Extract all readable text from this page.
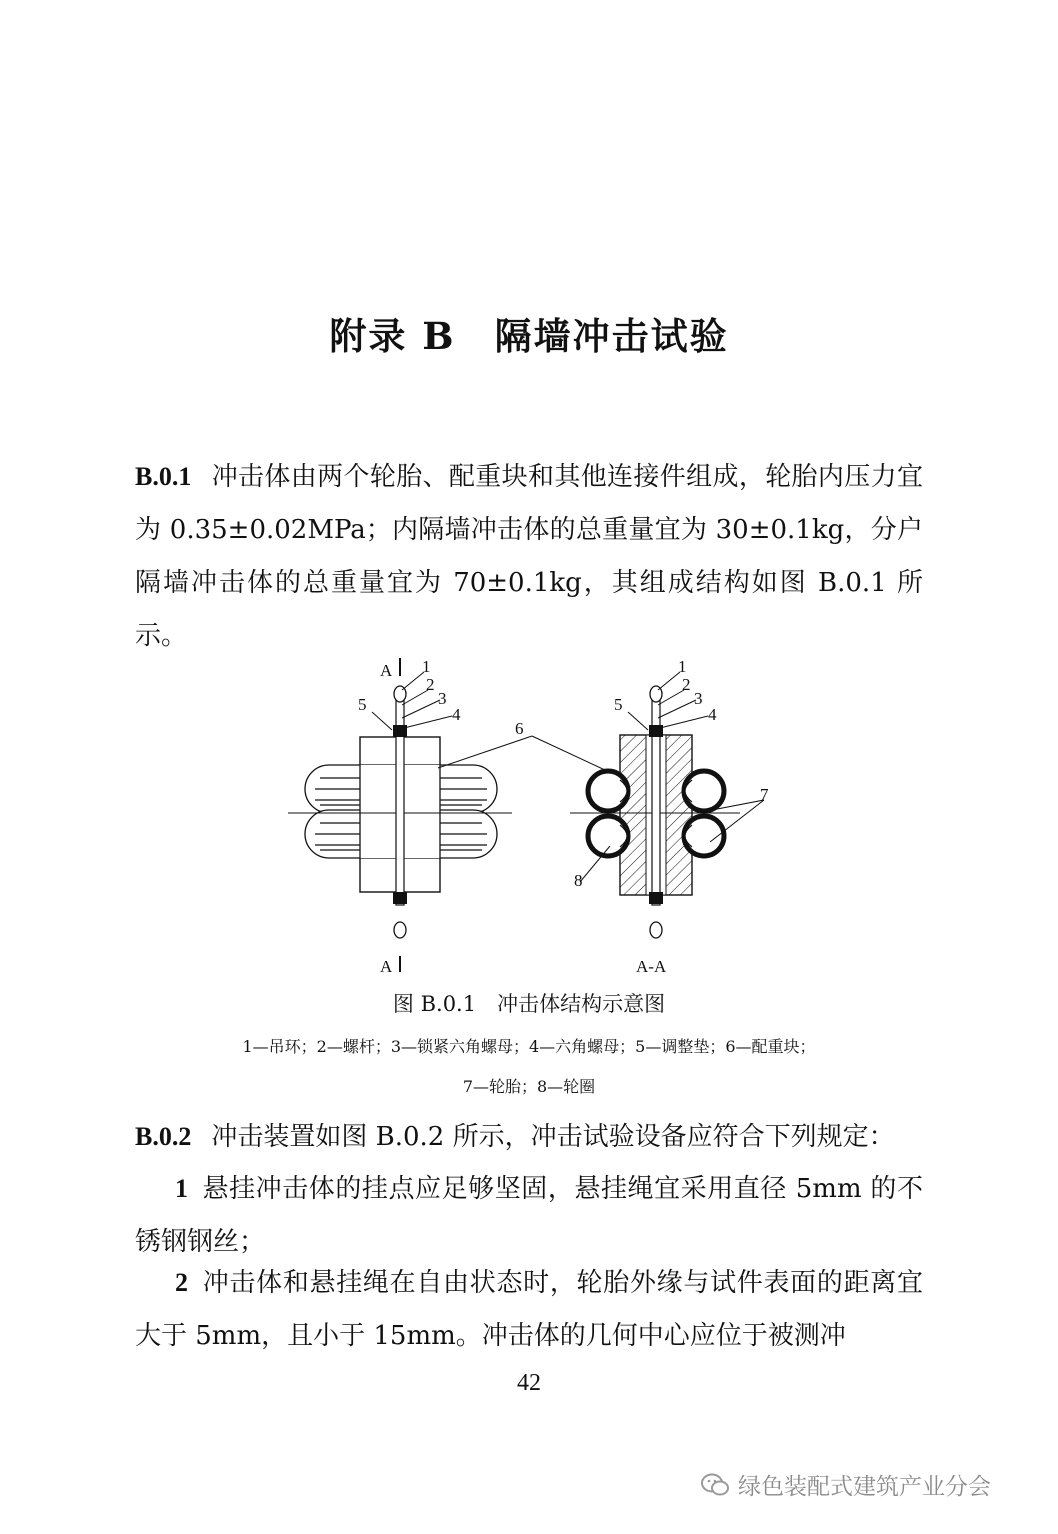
附录 B　隔墙冲击试验
B.0.1 冲击体由两个轮胎、配重块和其他连接件组成，轮胎内压力宜为 0.35±0.02MPa；内隔墙冲击体的总重量宜为 30±0.1kg，分户隔墙冲击体的总重量宜为 70±0.1kg，其组成结构如图 B.0.1 所示。
A
A
1
2
3
4
5
6
1
2
3
4
5
7
8
A-A
图 B.0.1　冲击体结构示意图
1—吊环；2—螺杆；3—锁紧六角螺母；4—六角螺母；5—调整垫；6—配重块；
7—轮胎；8—轮圈
B.0.2 冲击装置如图 B.0.2 所示，冲击试验设备应符合下列规定：
1 悬挂冲击体的挂点应足够坚固，悬挂绳宜采用直径 5mm 的不锈钢钢丝；
2 冲击体和悬挂绳在自由状态时，轮胎外缘与试件表面的距离宜大于 5mm，且小于 15mm。冲击体的几何中心应位于被测冲
42
绿色装配式建筑产业分会
